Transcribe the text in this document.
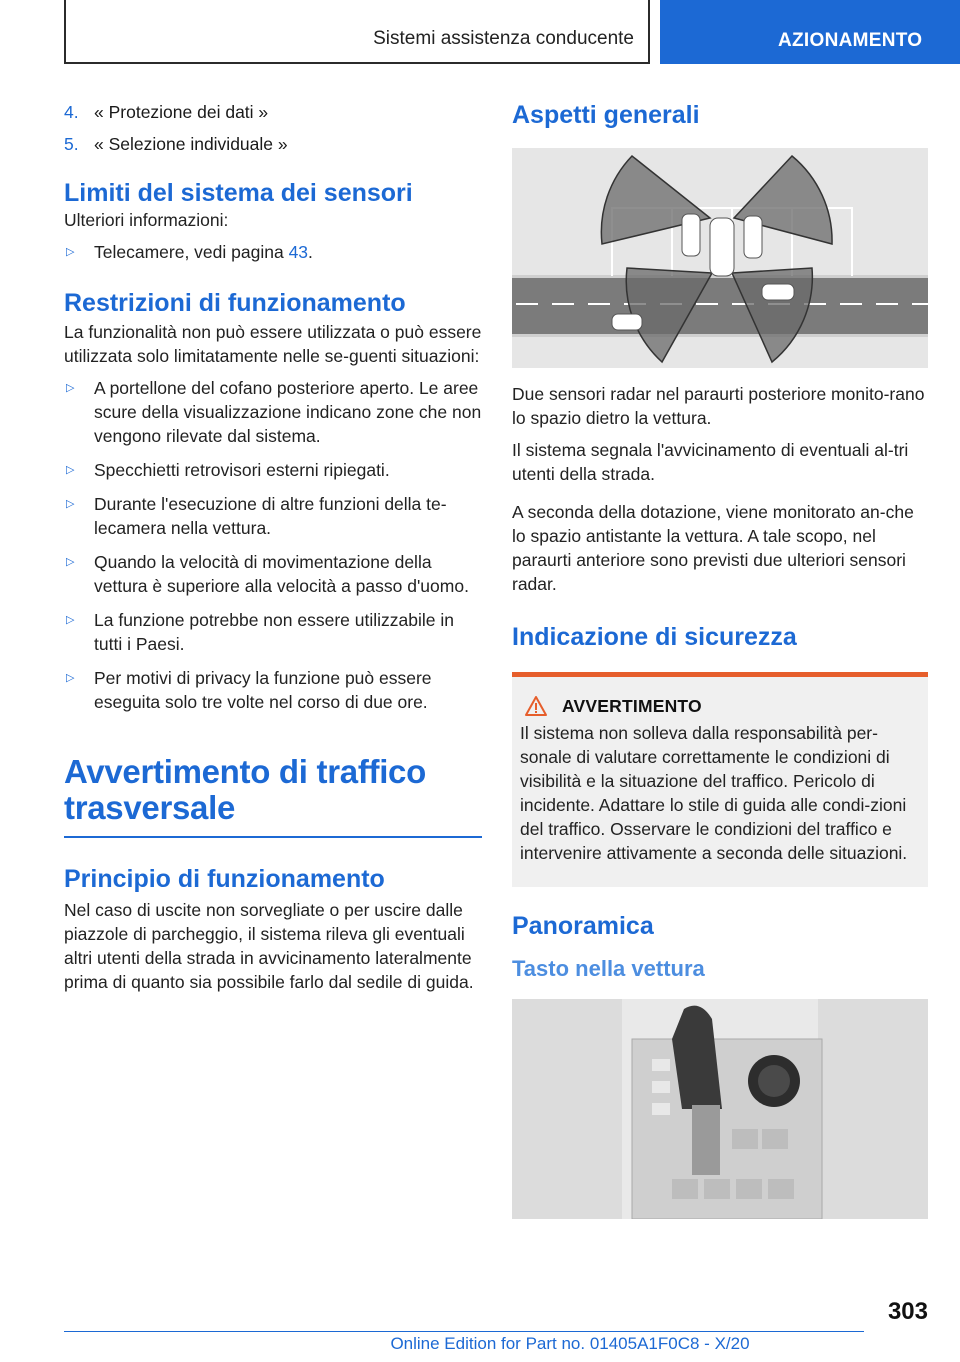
Sistemi assistenza conducente	AZIONAMENTO
4. « Protezione dei dati »
5. « Selezione individuale »
Limiti del sistema dei sensori
Ulteriori informazioni:
▷	Telecamere, vedi pagina 43.
Restrizioni di funzionamento
La funzionalità non può essere utilizzata o può essere utilizzata solo limitatamente nelle se-guenti situazioni:
▷	A portellone del cofano posteriore aperto. Le aree scure della visualizzazione indicano zone che non vengono rilevate dal sistema.
▷	Specchietti retrovisori esterni ripiegati.
▷	Durante l'esecuzione di altre funzioni della te-lecamera nella vettura.
▷	Quando la velocità di movimentazione della vettura è superiore alla velocità a passo d'uomo.
▷	La funzione potrebbe non essere utilizzabile in tutti i Paesi.
▷	Per motivi di privacy la funzione può essere eseguita solo tre volte nel corso di due ore.
Avvertimento di traffico
trasversale
Principio di funzionamento
Nel caso di uscite non sorvegliate o per uscire dalle piazzole di parcheggio, il sistema rileva gli eventuali altri utenti della strada in avvicinamento lateralmente prima di quanto sia possibile farlo dal sedile di guida.
Aspetti generali
Due sensori radar nel paraurti posteriore monito-rano lo spazio dietro la vettura.
Il sistema segnala l'avvicinamento di eventuali al-tri utenti della strada.
A seconda della dotazione, viene monitorato an-che lo spazio antistante la vettura. A tale scopo, nel paraurti anteriore sono previsti due ulteriori sensori radar.
Indicazione di sicurezza
AVVERTIMENTO
Il sistema non solleva dalla responsabilità per-sonale di valutare correttamente le condizioni di visibilità e la situazione del traffico. Pericolo di incidente. Adattare lo stile di guida alle condi-zioni del traffico. Osservare le condizioni del traffico e intervenire attivamente a seconda delle situazioni.
Panoramica
Tasto nella vettura
303
Online Edition for Part no. 01405A1F0C8 - X/20
